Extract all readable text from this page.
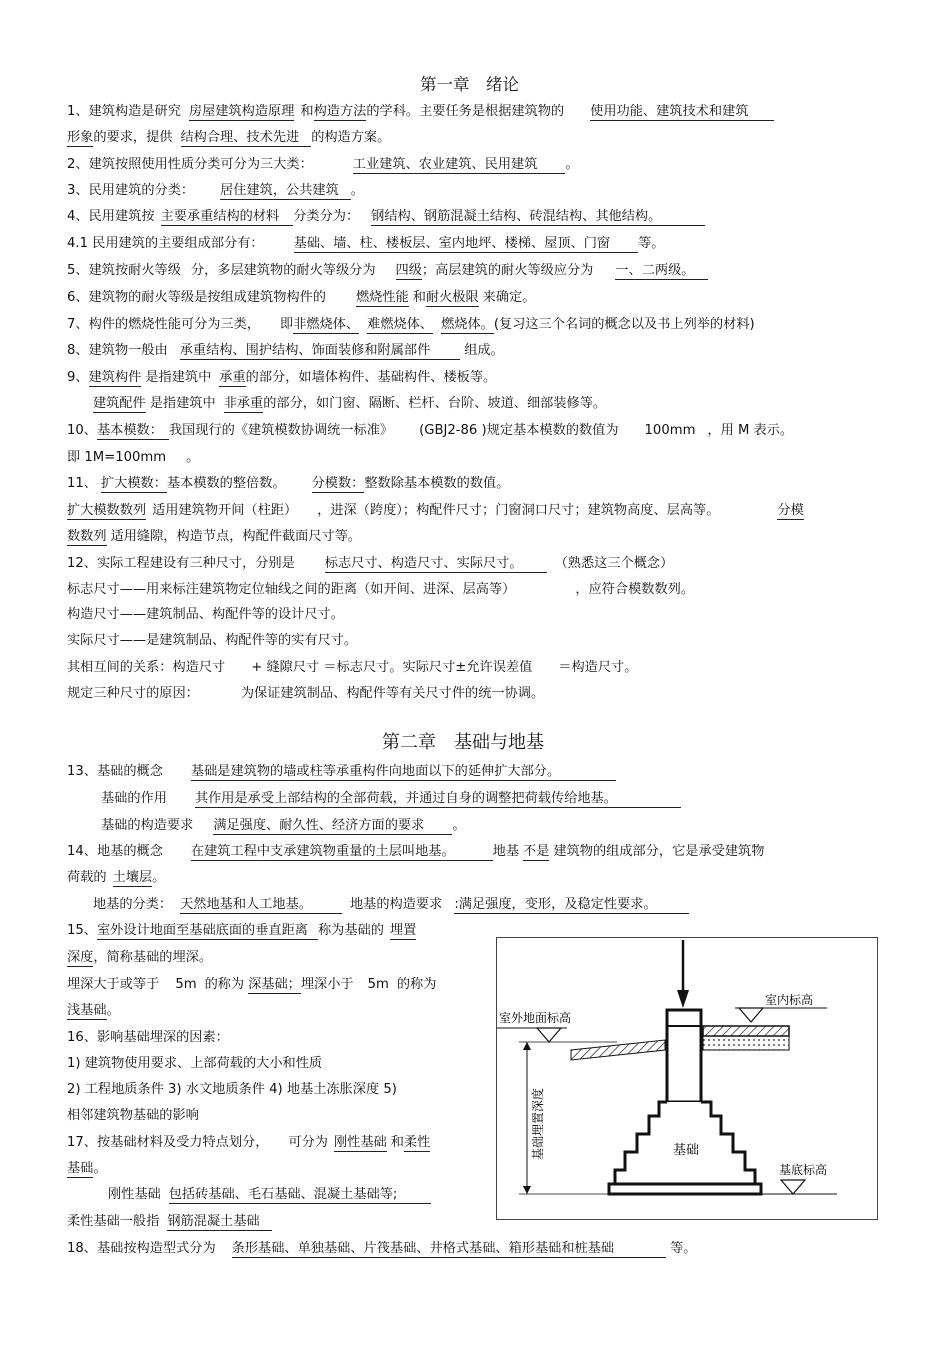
第一章　绪论
1、建筑构造是研究 房屋建筑构造原理 和构造方法的学科。主要任务是根据建筑物的 使用功能、建筑技术和建筑
形象的要求，提供 结构合理、技术先进 的构造方案。
2、建筑按照使用性质分类可分为三大类：	工业建筑、农业建筑、民用建筑 。
3、民用建筑的分类： 居住建筑，公共建筑 。
4、民用建筑按 主要承重结构的材料 分类分为： 钢结构、钢筋混凝土结构、砖混结构、其他结构。
4.1 民用建筑的主要组成部分有： 基础、墙、柱、楼板层、室内地坪、楼梯、屋顶、门窗 等。
5、建筑按耐火等级 分，多层建筑物的耐火等级分为 四级；高层建筑的耐火等级应分为 一、二两级。
6、建筑物的耐火等级是按组成建筑物构件的 燃烧性能 和耐火极限 来确定。
7、构件的燃烧性能可分为三类， 即非燃烧体、 难燃烧体、 燃烧体。(复习这三个名词的概念以及书上列举的材料)
8、建筑物一般由 承重结构、围护结构、饰面装修和附属部件	组成。
9、建筑构件 是指建筑中 承重的部分，如墙体构件、基础构件、楼板等。
建筑配件 是指建筑中 非承重的部分，如门窗、隔断、栏杆、台阶、坡道、细部装修等。
10、基本模数： 我国现行的《建筑模数协调统一标准》 (GBJ2-86 )规定基本模数的数值为 100mm ，用 M 表示。
即 1M=100mm 。
11、 扩大模数：基本模数的整倍数。 分模数：整数除基本模数的数值。
扩大模数数列 适用建筑物开间（柱距） ，进深（跨度）；构配件尺寸；门窗洞口尺寸；建筑物高度、层高等。	分模
数数列 适用缝隙，构造节点，构配件截面尺寸等。
12、实际工程建设有三种尺寸，分别是 标志尺寸、构造尺寸、实际尺寸。 （熟悉这三个概念）
标志尺寸——用来标注建筑物定位轴线之间的距离（如开间、进深、层高等）	，应符合模数数列。
构造尺寸——建筑制品、构配件等的设计尺寸。
实际尺寸——是建筑制品、构配件等的实有尺寸。
其相互间的关系：构造尺寸 + 缝隙尺寸 ＝标志尺寸。实际尺寸±允许误差值 ＝构造尺寸。
规定三种尺寸的原因：	为保证建筑制品、构配件等有关尺寸件的统一协调。
第二章　基础与地基
13、基础的概念 基础是建筑物的墙或柱等承重构件向地面以下的延伸扩大部分。
基础的作用 其作用是承受上部结构的全部荷载，并通过自身的调整把荷载传给地基。
基础的构造要求 满足强度、耐久性、经济方面的要求 。
14、地基的概念 在建筑工程中支承建筑物重量的土层叫地基。	地基 不是 建筑物的组成部分，它是承受建筑物
荷载的 土壤层。
地基的分类： 天然地基和人工地基。	地基的构造要求 :满足强度，变形，及稳定性要求。
15、室外设计地面至基础底面的垂直距离 称为基础的 埋置
深度，简称基础的埋深。
埋深大于或等于 5m 的称为 深基础；埋深小于 5m 的称为
浅基础。
16、影响基础埋深的因素：
1) 建筑物使用要求、上部荷载的大小和性质
2) 工程地质条件 3) 水文地质条件 4) 地基土冻胀深度 5)
相邻建筑物基础的影响
17、按基础材料及受力特点划分， 可分为 刚性基础 和柔性
基础。
刚性基础 包括砖基础、毛石基础、混凝土基础等;
柔性基础一般指 钢筋混凝土基础
18、基础按构造型式分为 条形基础、单独基础、片筏基础、井格式基础、箱形基础和桩基础	等。
室内标高
室外地面标高
基础埋置深度	基础
基底标高
